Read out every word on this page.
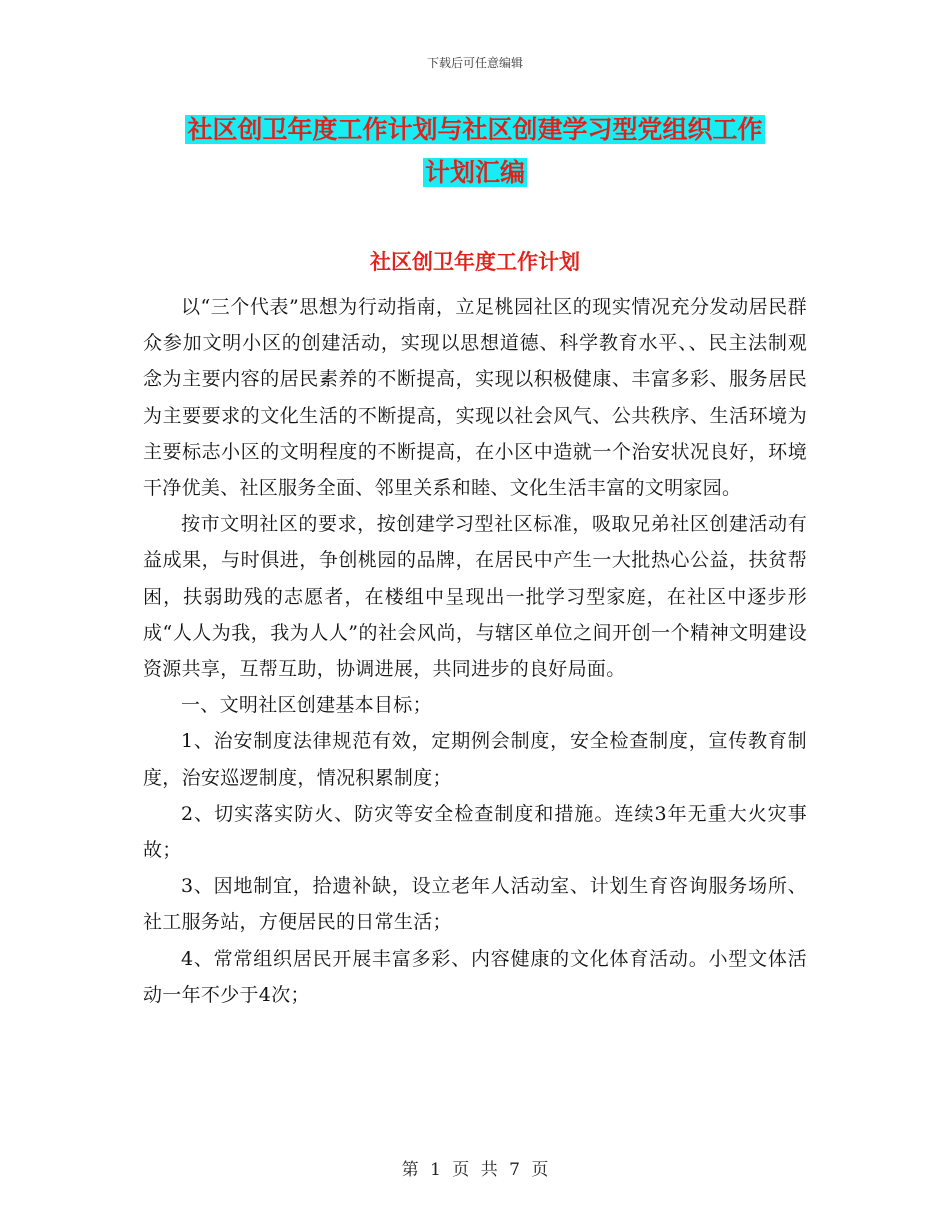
下载后可任意编辑
社区创卫年度工作计划与社区创建学习型党组织工作
计划汇编
社区创卫年度工作计划

以“三个代表”思想为行动指南，立足桃园社区的现实情况充分发动居民群众参加文明小区的创建活动，实现以思想道德、科学教育水平、、民主法制观念为主要内容的居民素养的不断提高，实现以积极健康、丰富多彩、服务居民为主要要求的文化生活的不断提高，实现以社会风气、公共秩序、生活环境为主要标志小区的文明程度的不断提高，在小区中造就一个治安状况良好，环境干净优美、社区服务全面、邻里关系和睦、文化生活丰富的文明家园。

按市文明社区的要求，按创建学习型社区标准，吸取兄弟社区创建活动有益成果，与时俱进，争创桃园的品牌，在居民中产生一大批热心公益，扶贫帮困，扶弱助残的志愿者，在楼组中呈现出一批学习型家庭，在社区中逐步形成“人人为我，我为人人”的社会风尚，与辖区单位之间开创一个精神文明建设资源共享，互帮互助，协调进展，共同进步的良好局面。

一、文明社区创建基本目标；

1、治安制度法律规范有效，定期例会制度，安全检查制度，宣传教育制度，治安巡逻制度，情况积累制度；

2、切实落实防火、防灾等安全检查制度和措施。连续3年无重大火灾事故；

3、因地制宜，拾遗补缺，设立老年人活动室、计划生育咨询服务场所、社工服务站，方便居民的日常生活；

4、常常组织居民开展丰富多彩、内容健康的文化体育活动。小型文体活动一年不少于4次；

第 1 页 共 7 页
